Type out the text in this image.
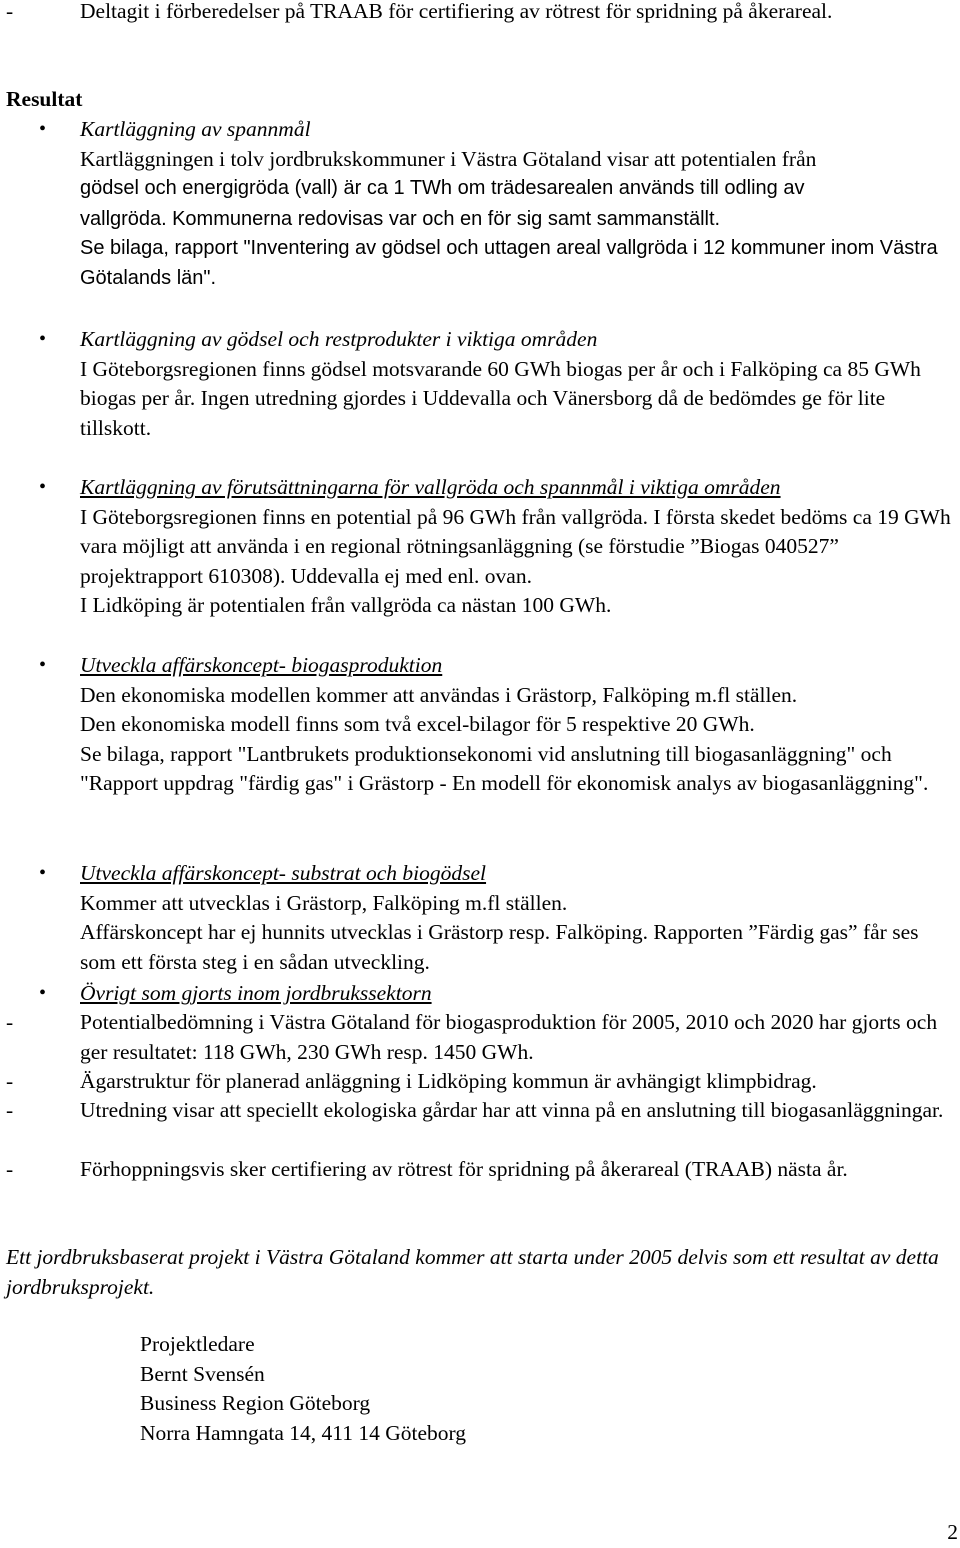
-	Deltagit i förberedelser på TRAAB för certifiering av rötrest för spridning på åkerareal.

Resultat

• Kartläggning av spannmål

Kartläggningen i tolv jordbrukskommuner i Västra Götaland visar att potentialen från

gödsel och energigröda (vall) är ca 1 TWh om trädesarealen används till odling av

vallgröda. Kommunerna redovisas var och en för sig samt sammanställt.

Se bilaga, rapport "Inventering av gödsel och uttagen areal vallgröda i 12 kommuner inom Västra Götalands län".

• Kartläggning av gödsel och restprodukter i viktiga områden

I Göteborgsregionen finns gödsel motsvarande 60 GWh biogas per år och i Falköping ca 85 GWh biogas per år. Ingen utredning gjordes i Uddevalla och Vänersborg då de bedömdes ge för lite tillskott.

• Kartläggning av förutsättningarna för vallgröda och spannmål i viktiga områden

I Göteborgsregionen finns en potential på 96 GWh från vallgröda. I första skedet bedöms ca 19 GWh vara möjligt att använda i en regional rötningsanläggning (se förstudie ”Biogas 040527” projektrapport 610308). Uddevalla ej med enl. ovan.

I Lidköping är potentialen från vallgröda ca nästan 100 GWh.

• Utveckla affärskoncept- biogasproduktion

Den ekonomiska modellen kommer att användas i Grästorp, Falköping m.fl ställen.

Den ekonomiska modell finns som två excel-bilagor för 5 respektive 20 GWh.

Se bilaga, rapport "Lantbrukets produktionsekonomi vid anslutning till biogasanläggning" och "Rapport uppdrag "färdig gas" i Grästorp - En modell för ekonomisk analys av biogasanläggning".

• Utveckla affärskoncept- substrat och biogödsel

Kommer att utvecklas i Grästorp, Falköping m.fl ställen.

Affärskoncept har ej hunnits utvecklas i Grästorp resp. Falköping. Rapporten ”Färdig gas” får ses som ett första steg i en sådan utveckling.

• Övrigt som gjorts inom jordbrukssektorn

-	Potentialbedömning i Västra Götaland för biogasproduktion för 2005, 2010 och 2020 har gjorts och ger resultatet: 118 GWh, 230 GWh resp. 1450 GWh.

-	Ägarstruktur för planerad anläggning i Lidköping kommun är avhängigt klimpbidrag.

-	Utredning visar att speciellt ekologiska gårdar har att vinna på en anslutning till biogasanläggningar.

-	Förhoppningsvis sker certifiering av rötrest för spridning på åkerareal (TRAAB) nästa år.

Ett jordbruksbaserat projekt i Västra Götaland kommer att starta under 2005 delvis som ett resultat av detta jordbruksprojekt.

Projektledare

Bernt Svensén

Business Region Göteborg

Norra Hamngata 14, 411 14 Göteborg

2
